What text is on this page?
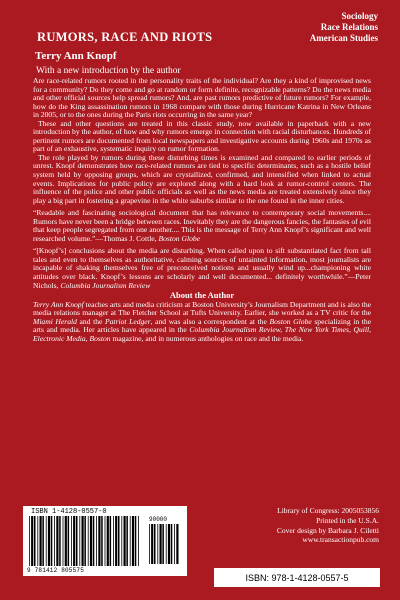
Sociology
Race Relations
American Studies
RUMORS, RACE AND RIOTS
Terry Ann Knopf
With a new introduction by the author

Are race-related rumors rooted in the personality traits of the individual? Are they a kind of improvised news for a community? Do they come and go at random or form definite, recognizable patterns? Do the news media and other official sources help spread rumors? And, are past rumors predictive of future rumors? For example, how do the King assassination rumors in 1968 compare with those during Hurricane Katrina in New Orleans in 2005, or to the ones during the Paris riots occurring in the same year?

These and other questions are treated in this classic study, now available in paperback with a new introduction by the author, of how and why rumors emerge in connection with racial disturbances. Hundreds of pertinent rumors are documented from local newspapers and investigative accounts during 1960s and 1970s as part of an exhaustive, systematic inquiry on rumor formation.

The role played by rumors during these disturbing times is examined and compared to earlier periods of unrest. Knopf demonstrates how race-related rumors are tied to specific determinants, such as a hostile belief system held by opposing groups, which are crystallized, confirmed, and intensified when linked to actual events. Implications for public policy are explored along with a hard look at rumor-control centers. The influence of the police and other public officials as well as the news media are treated extensively since they play a big part in fostering a grapevine in the white suburbs similar to the one found in the inner cities.

“Readable and fascinating sociological document that has relevance to contemporary social movements.... Rumors have never been a bridge between races. Inevitably they are the dangerous fancies, the fantasies of evil that keep people segregated from one another.... This is the message of Terry Ann Knopf’s significant and well researched volume.”—Thomas J. Cottle, Boston Globe

“[Knopf’s] conclusions about the media are disturbing. When called upon to sift substantiated fact from tall tales and even to themselves as authoritative, calming sources of untainted information, most journalists are incapable of shaking themselves free of preconceived notions and usually wind up...championing white attitudes over black. Knopf’s lessons are scholarly and well documented... definitely worthwhile.”—Peter Nichols, Columbia Journalism Review

About the Author

Terry Ann Knopf teaches arts and media criticism at Boston University’s Journalism Department and is also the media relations manager at The Fletcher School at Tufts University. Earlier, she worked as a TV critic for the Miami Herald and the Patriot Ledger, and was also a correspondent at the Boston Globe specializing in the arts and media. Her articles have appeared in the Columbia Journalism Review, The New York Times, Quill, Electronic Media, Boston magazine, and in numerous anthologies on race and the media.

ISBN 1-4128-0557-0
90000
9 781412 805575
Library of Congress: 2005053856
Printed in the U.S.A.
Cover design by Barbara J. Ciletti
www.transactionpub.com
ISBN: 978-1-4128-0557-5
